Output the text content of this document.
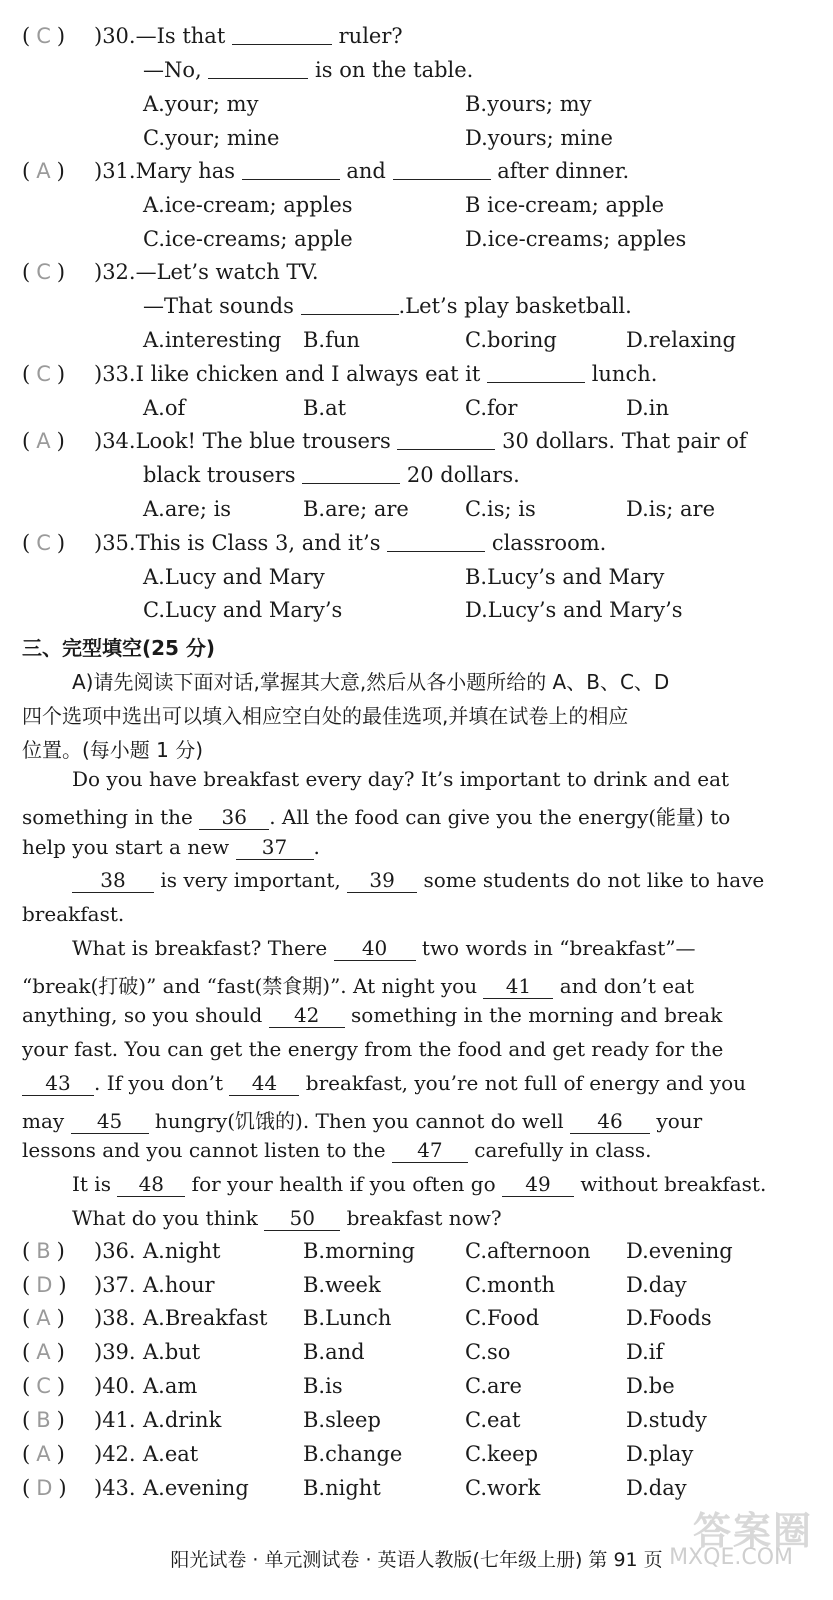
( C ) )30.—Is that	ruler?
—No,	is on the table.
A.your; my	B.yours; my
C.your; mine	D.yours; mine
( A ) )31.Mary has	and	after dinner.
A.ice-cream; apples	B ice-cream; apple
C.ice-creams; apple	D.ice-creams; apples
( C ) )32.—Let’s watch TV.
—That sounds	.Let’s play basketball.
A.interesting B.fun	C.boring	D.relaxing
( C ) )33.I like chicken and I always eat it	lunch.
A.of	B.at	C.for	D.in
( A ) )34.Look! The blue trousers	30 dollars. That pair of
black trousers	20 dollars.
A.are; is	B.are; are	C.is; is	D.is; are
( C ) )35.This is Class 3, and it’s	classroom.
A.Lucy and Mary	B.Lucy’s and Mary
C.Lucy and Mary’s	D.Lucy’s and Mary’s
三、完型填空(25 分)
A)请先阅读下面对话,掌握其大意,然后从各小题所给的 A、B、C、D
四个选项中选出可以填入相应空白处的最佳选项,并填在试卷上的相应
位置。(每小题 1 分)
Do you have breakfast every day? It’s important to drink and eat
something in the 36 . All the food can give you the energy(能量) to
help you start a new 37 .
38 is very important, 39 some students do not like to have
breakfast.
What is breakfast? There 40 two words in “breakfast”—
“break(打破)” and “fast(禁食期)”. At night you 41 and don’t eat
anything, so you should 42 something in the morning and break
your fast. You can get the energy from the food and get ready for the
43 . If you don’t 44 breakfast, you’re not full of energy and you
may 45 hungry(饥饿的). Then you cannot do well 46 your
lessons and you cannot listen to the 47 carefully in class.
It is 48 for your health if you often go 49 without breakfast.
What do you think 50 breakfast now?
( B ) )36. A.night	B.morning C.afternoon D.evening
( D ) )37. A.hour	B.week	C.month	D.day
( A ) )38. A.Breakfast B.Lunch	C.Food	D.Foods
( A ) )39. A.but	B.and	C.so	D.if
( C ) )40. A.am	B.is	C.are	D.be
( B ) )41. A.drink	B.sleep	C.eat	D.study
( A ) )42. A.eat	B.change	C.keep	D.play
( D ) )43. A.evening	B.night	C.work	D.day
阳光试卷 · 单元测试卷 · 英语人教版(七年级上册) 第 91 页
答案圈
MXQE.COM
